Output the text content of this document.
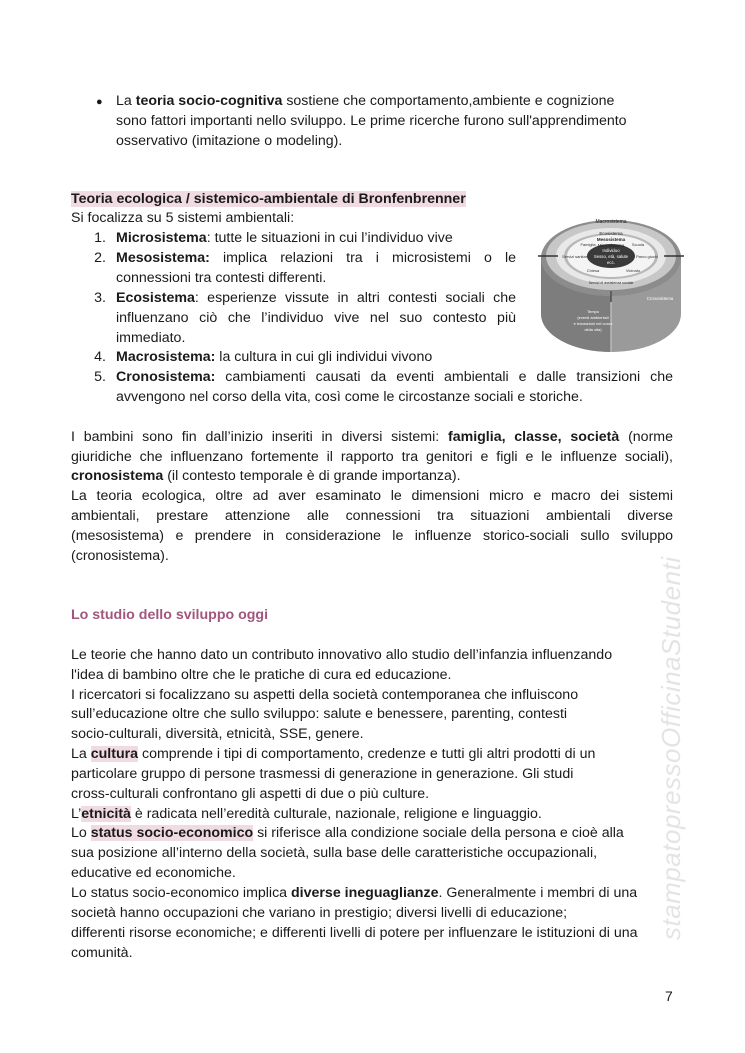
stampatopressoOfficinaStudenti
● La teoria socio-cognitiva sostiene che comportamento,ambiente e cognizione
sono fattori importanti nello sviluppo. Le prime ricerche furono sull'apprendimento
osservativo (imitazione o modeling).
Teoria ecologica / sistemico-ambientale di Bronfenbrenner
Si focalizza su 5 sistemi ambientali:
1. Microsistema: tutte le situazioni in cui l’individuo vive
2. Mesosistema: implica relazioni tra i microsistemi o le
connessioni tra contesti differenti.
3. Ecosistema: esperienze vissute in altri contesti sociali che
influenzano ciò che l’individuo vive nel suo contesto più
immediato.
4. Macrosistema: la cultura in cui gli individui vivono
5. Cronosistema: cambiamenti causati da eventi ambientali e dalle transizioni che
avvengono nel corso della vita, così come le circostanze sociali e storiche.
Macrosistema
Ecosistema
Mesosistema
Microsistema
Famiglia	Scuola
Individuo
Sesso, età, salute
ecc.
Servizi sanitari	Parco giochi
Chiesa	Vicinato
Servizi di assistenza sociale
Cronosistema
Tempo
(eventi ambientali
e transizioni nel corso
della vita)
I bambini sono fin dall’inizio inseriti in diversi sistemi: famiglia, classe, società (norme
giuridiche che influenzano fortemente il rapporto tra genitori e figli e le influenze sociali),
cronosistema (il contesto temporale è di grande importanza).
La teoria ecologica, oltre ad aver esaminato le dimensioni micro e macro dei sistemi
ambientali, prestare attenzione alle connessioni tra situazioni ambientali diverse
(mesosistema) e prendere in considerazione le influenze storico-sociali sullo sviluppo
(cronosistema).
Lo studio dello sviluppo oggi
Le teorie che hanno dato un contributo innovativo allo studio dell’infanzia influenzando
l'idea di bambino oltre che le pratiche di cura ed educazione.
I ricercatori si focalizzano su aspetti della società contemporanea che influiscono
sull’educazione oltre che sullo sviluppo: salute e benessere, parenting, contesti
socio-culturali, diversità, etnicità, SSE, genere.
La cultura comprende i tipi di comportamento, credenze e tutti gli altri prodotti di un
particolare gruppo di persone trasmessi di generazione in generazione. Gli studi
cross-culturali confrontano gli aspetti di due o più culture.
L’etnicità è radicata nell’eredità culturale, nazionale, religione e linguaggio.
Lo status socio-economico si riferisce alla condizione sociale della persona e cioè alla
sua posizione all’interno della società, sulla base delle caratteristiche occupazionali,
educative ed economiche.
Lo status socio-economico implica diverse ineguaglianze. Generalmente i membri di una
società hanno occupazioni che variano in prestigio; diversi livelli di educazione;
differenti risorse economiche; e differenti livelli di potere per influenzare le istituzioni di una
comunità.
7
